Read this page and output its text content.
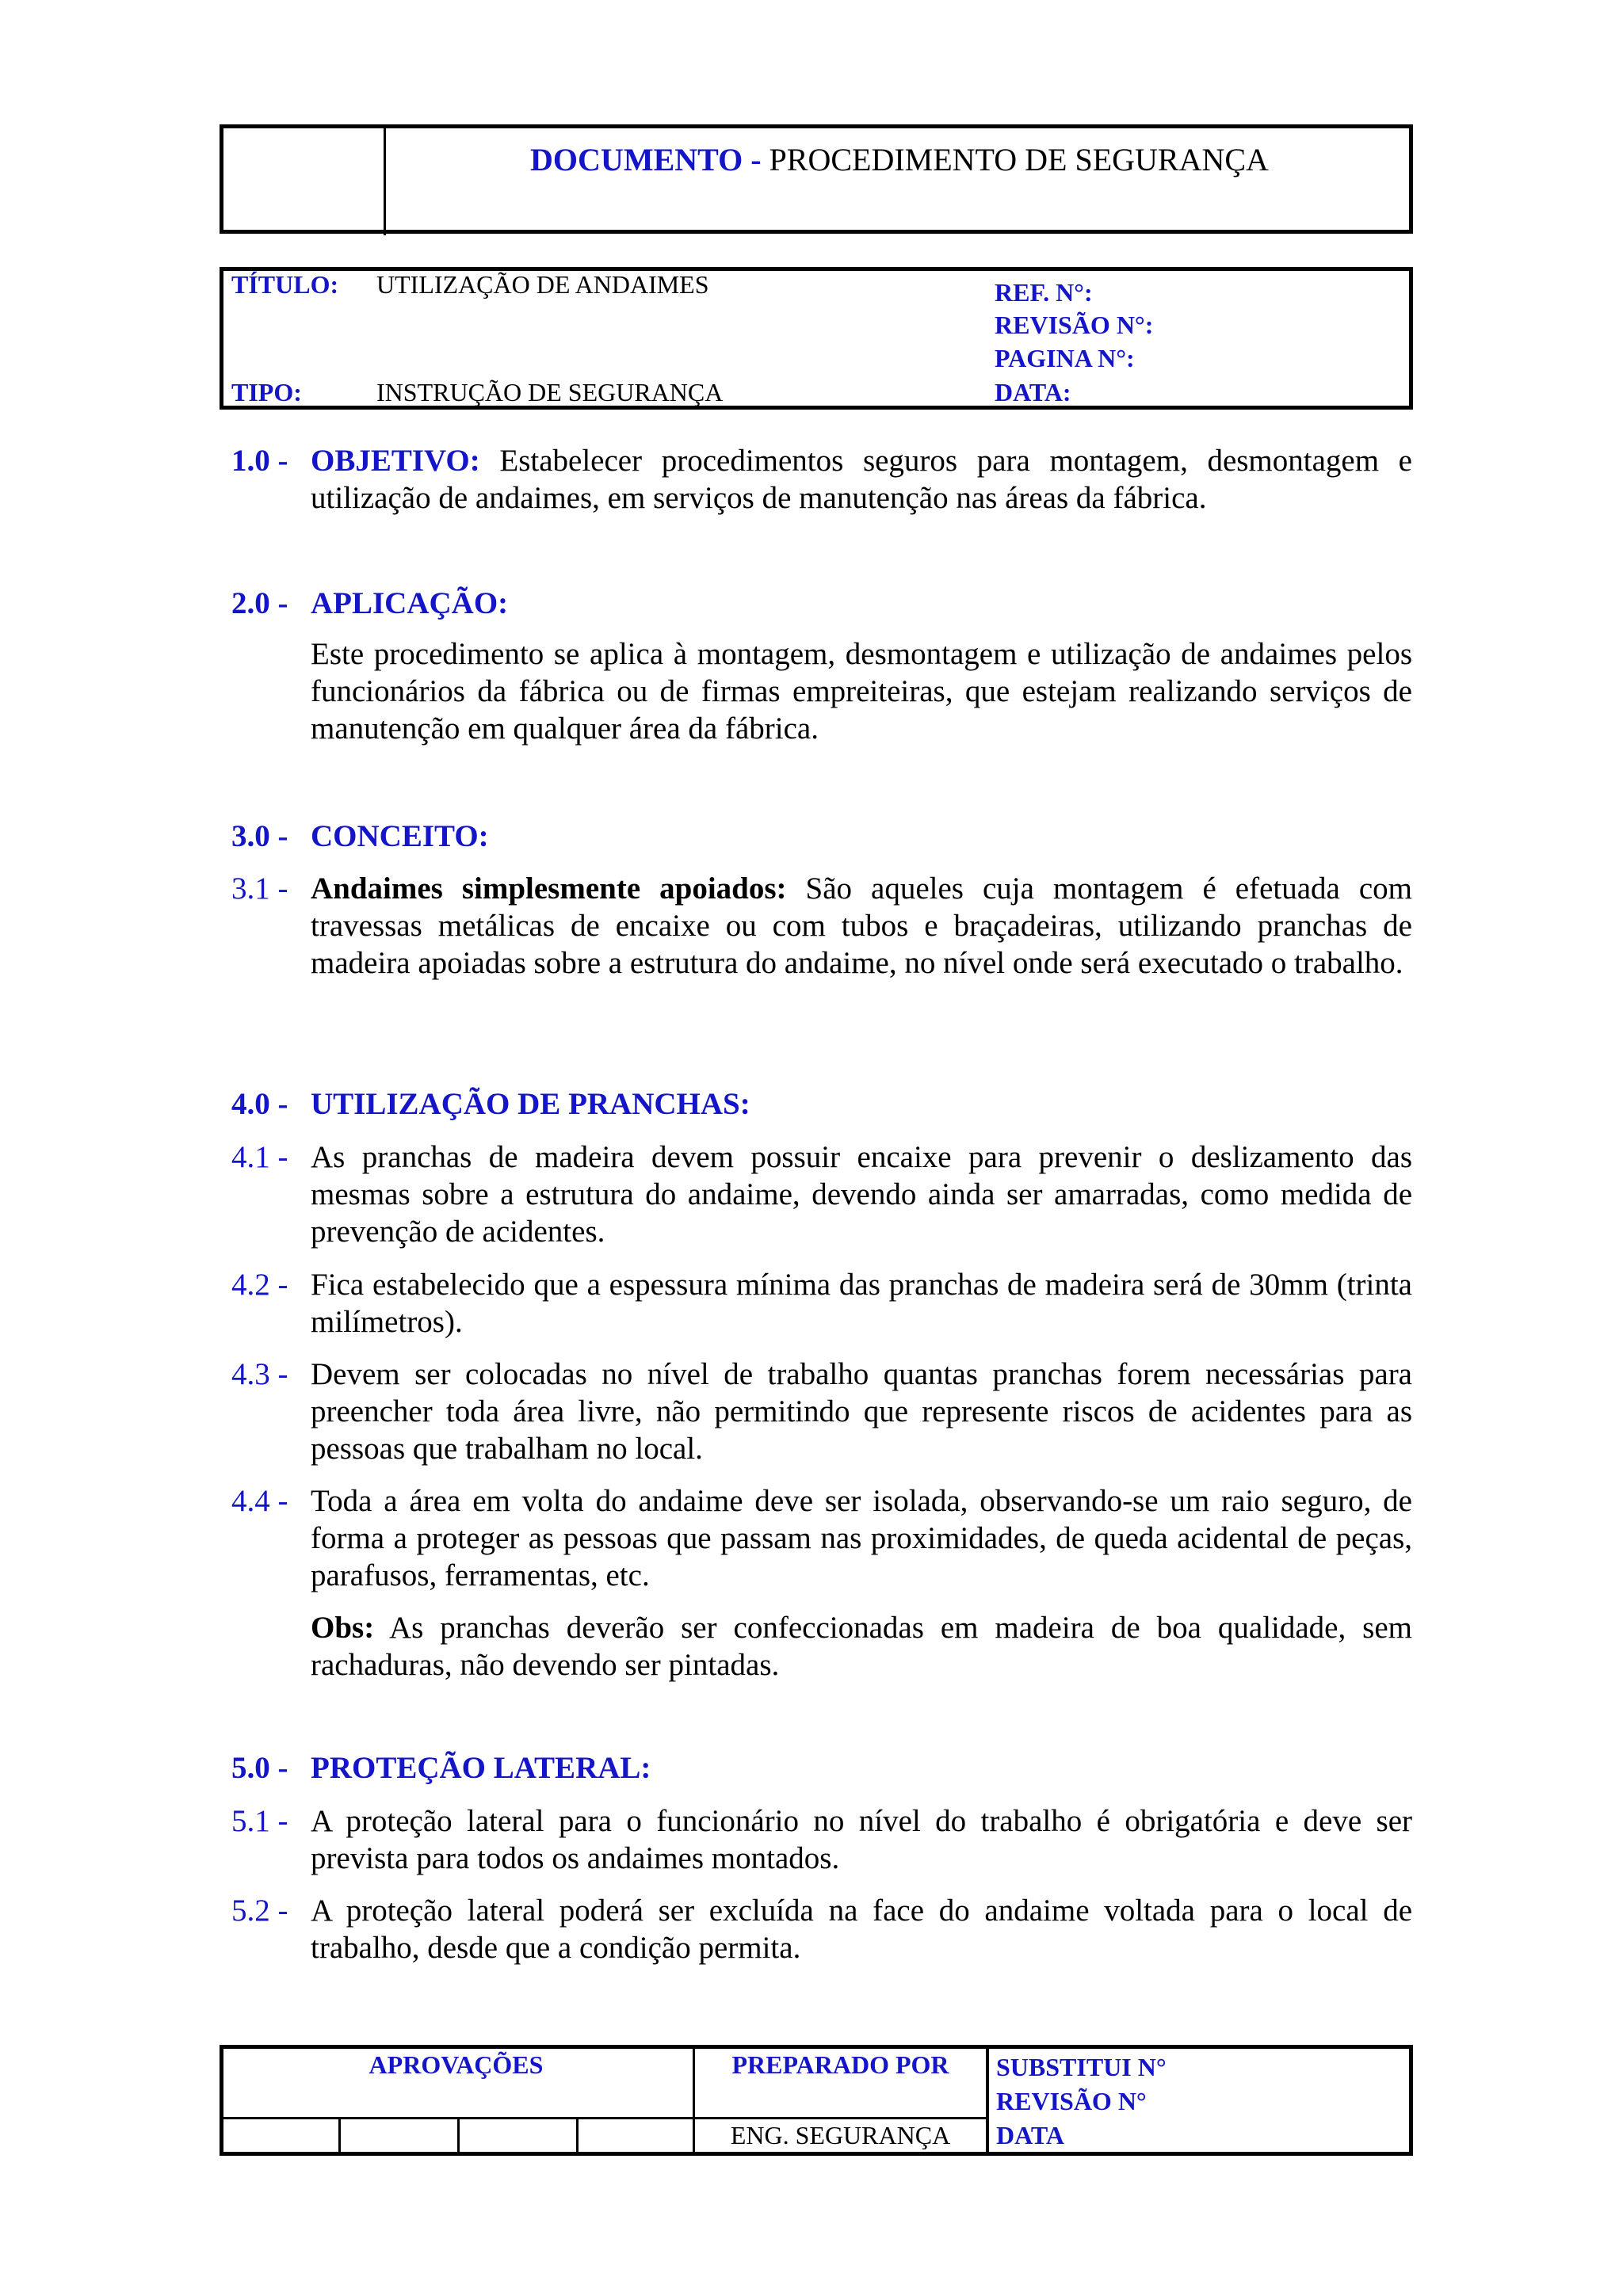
DOCUMENTO - PROCEDIMENTO DE SEGURANÇA
TÍTULO: UTILIZAÇÃO DE ANDAIMES
TIPO:	INSTRUÇÃO DE SEGURANÇA
REF. N°:
REVISÃO N°:
PAGINA N°:
DATA:
1.0 - OBJETIVO: Estabelecer procedimentos seguros para montagem, desmontagem e utilização de andaimes, em serviços de manutenção nas áreas da fábrica.
2.0 - APLICAÇÃO:
Este procedimento se aplica à montagem, desmontagem e utilização de andaimes pelos funcionários da fábrica ou de firmas empreiteiras, que estejam realizando serviços de manutenção em qualquer área da fábrica.
3.0 - CONCEITO:
3.1 - Andaimes simplesmente apoiados: São aqueles cuja montagem é efetuada com travessas metálicas de encaixe ou com tubos e braçadeiras, utilizando pranchas de madeira apoiadas sobre a estrutura do andaime, no nível onde será executado o trabalho.
4.0 - UTILIZAÇÃO DE PRANCHAS:
4.1 - As pranchas de madeira devem possuir encaixe para prevenir o deslizamento das mesmas sobre a estrutura do andaime, devendo ainda ser amarradas, como medida de prevenção de acidentes.
4.2 - Fica estabelecido que a espessura mínima das pranchas de madeira será de 30mm (trinta milímetros).
4.3 - Devem ser colocadas no nível de trabalho quantas pranchas forem necessárias para preencher toda área livre, não permitindo que represente riscos de acidentes para as pessoas que trabalham no local.
4.4 - Toda a área em volta do andaime deve ser isolada, observando-se um raio seguro, de forma a proteger as pessoas que passam nas proximidades, de queda acidental de peças, parafusos, ferramentas, etc.
Obs: As pranchas deverão ser confeccionadas em madeira de boa qualidade, sem rachaduras, não devendo ser pintadas.
5.0 - PROTEÇÃO LATERAL:
5.1 - A proteção lateral para o funcionário no nível do trabalho é obrigatória e deve ser prevista para todos os andaimes montados.
5.2 - A proteção lateral poderá ser excluída na face do andaime voltada para o local de trabalho, desde que a condição permita.
APROVAÇÕES	PREPARADO POR
ENG. SEGURANÇA
SUBSTITUI N°
REVISÃO N°
DATA
